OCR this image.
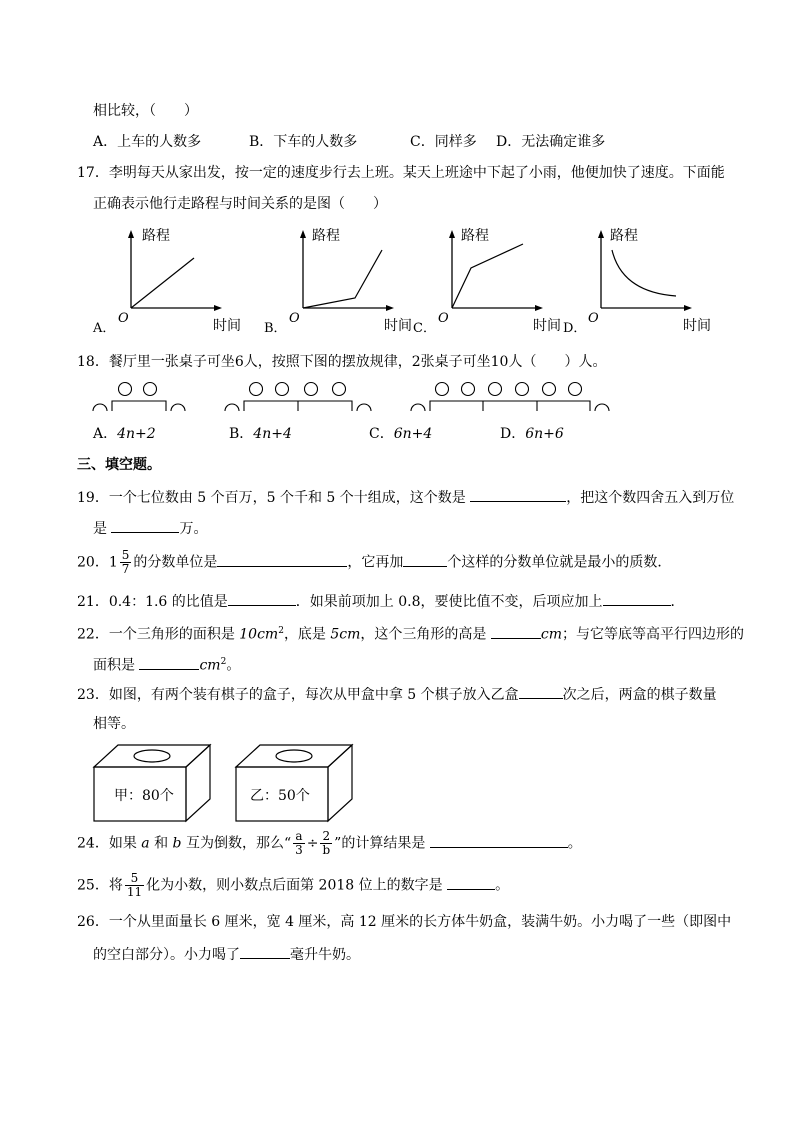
相比较，（　　）
A．上车的人数多	B．下车的人数多	C．同样多 D．无法确定谁多
17．李明每天从家出发，按一定的速度步行去上班。某天上班途中下起了小雨，他便加快了速度。下面能
正确表示他行走路程与时间关系的是图（　　）
路程
O	时间
A．
路程
O	时间
B．
路程
O	时间
C．
路程
O	时间
D．
18．餐厅里一张桌子可坐6人，按照下图的摆放规律，2张桌子可坐10人（　　）人。
A．4n+2	B．4n+4	C．6n+4	D．6n+6
三、填空题。
19．一个七位数由 5 个百万，5 个千和 5 个十组成，这个数是	，把这个数四舍五入到万位
是	万。
20．$1 \frac{5}{7}$ 的分数单位是	，它再加	个这样的分数单位就是最小的质数．
21．0.4：1.6 的比值是	．如果前项加上 0.8，要使比值不变，后项应加上	．
22．一个三角形的面积是 $10cm^2$，底是 5cm，这个三角形的高是	cm；与它等底等高平行四边形的
面积是	$cm^2$。
23．如图，有两个装有棋子的盒子，每次从甲盒中拿 5 个棋子放入乙盒	次之后，两盒的棋子数量
相等。
甲：80个	乙：50个
24．如果 a 和 b 互为倒数，那么“ $\frac{a}{3} \div \frac{2}{b}$ ”的计算结果是	。
25．将 $\frac{5}{11}$ 化为小数，则小数点后面第 2018 位上的数字是	。
26．一个从里面量长 6 厘米，宽 4 厘米，高 12 厘米的长方体牛奶盒，装满牛奶。小力喝了一些（即图中
的空白部分）。小力喝了	毫升牛奶。
